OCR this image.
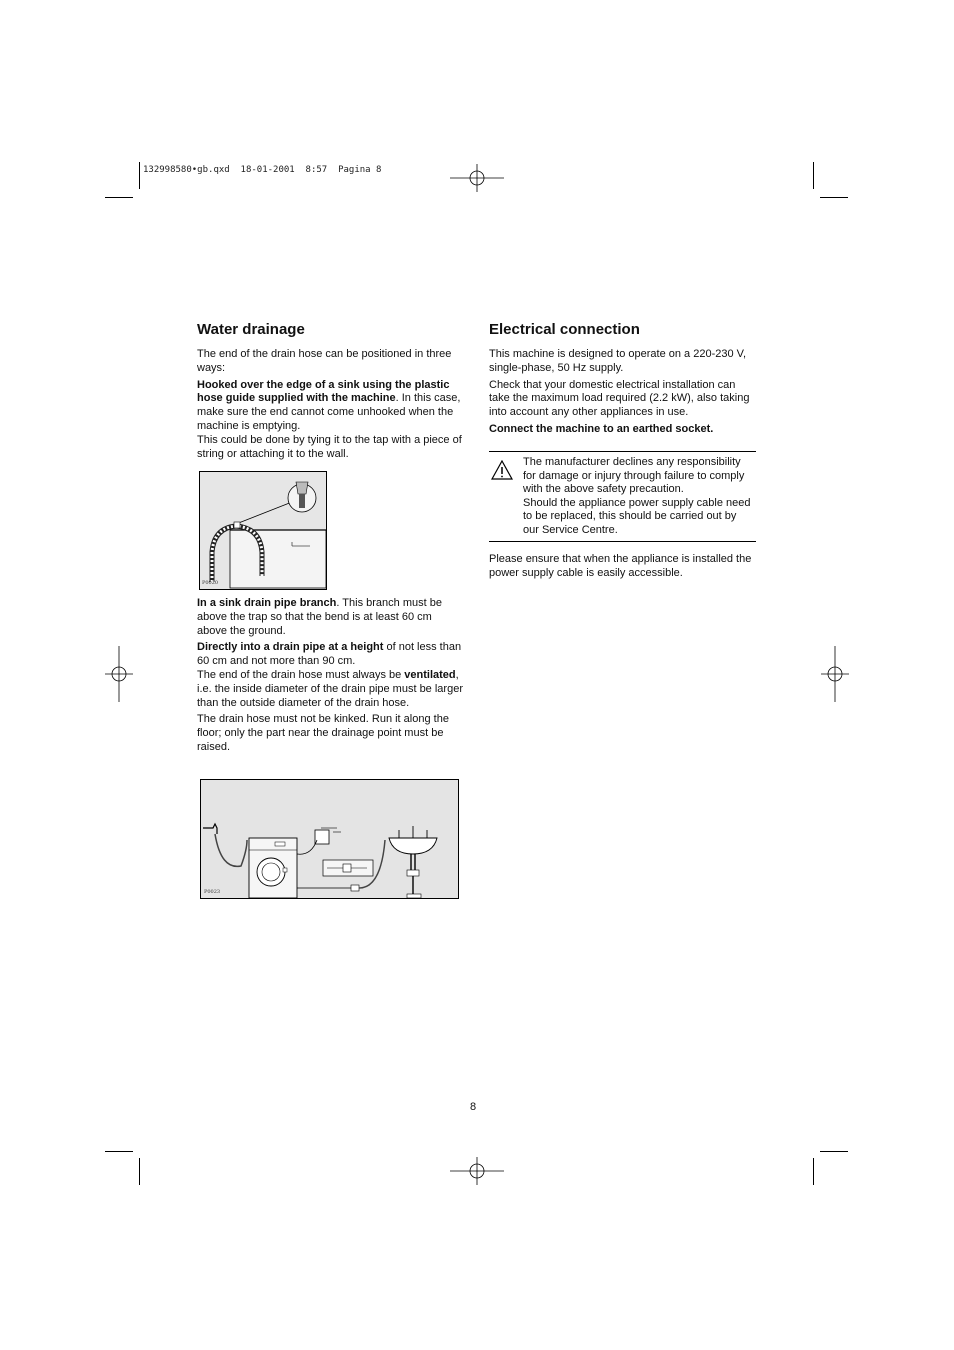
132998580•gb.qxd  18-01-2001  8:57  Pagina 8
Water drainage

The end of the drain hose can be positioned in three ways:

Hooked over the edge of a sink using the plastic hose guide supplied with the machine. In this case, make sure the end cannot come unhooked when the machine is emptying.

This could be done by tying it to the tap with a piece of string or attaching it to the wall.

P0020

In a sink drain pipe branch. This branch must be above the trap so that the bend is at least 60 cm above the ground.

Directly into a drain pipe at a height of not less than 60 cm and not more than 90 cm.

The end of the drain hose must always be ventilated, i.e. the inside diameter of the drain pipe must be larger than the outside diameter of the drain hose.

The drain hose must not be kinked. Run it along the floor; only the part near the drainage point must be raised.

P0023
Electrical connection

This machine is designed to operate on a 220-230 V, single-phase, 50 Hz supply.

Check that your domestic electrical installation can take the maximum load required (2.2 kW), also taking into account any other appliances in use.

Connect the machine to an earthed socket.

The manufacturer declines any responsibility for damage or injury through failure to comply with the above safety precaution.
Should the appliance power supply cable need to be replaced, this should be carried out by our Service Centre.

Please ensure that when the appliance is installed the power supply cable is easily accessible.

8
